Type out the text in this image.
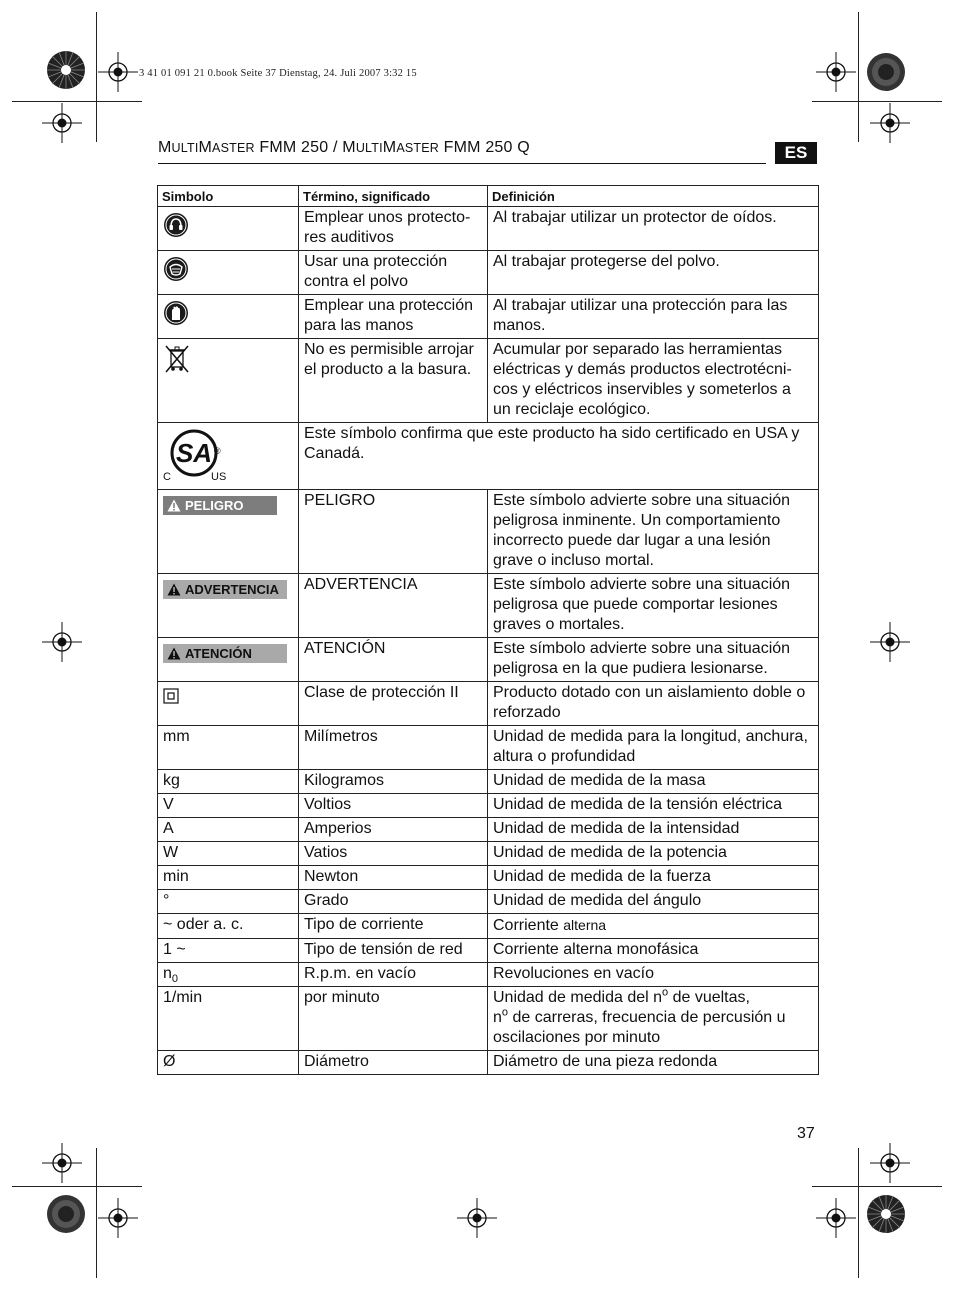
3 41 01 091 21 0.book Seite 37 Dienstag, 24. Juli 2007 3:32 15
MULTIMASTER FMM 250 / MULTIMASTER FMM 250 Q	ES
Simbolo	Término, significado	Definición
	Emplear unos protecto-res auditivos	Al trabajar utilizar un protector de oídos.
	Usar una protección contra el polvo	Al trabajar protegerse del polvo.
	Emplear una protección para las manos	Al trabajar utilizar una protección para las manos.
	No es permisible arrojar el producto a la basura.	Acumular por separado las herramientas eléctricas y demás productos electrotécni-cos y eléctricos inservibles y someterlos a un reciclaje ecológico.

SA
C US
®	Este símbolo confirma que este producto ha sido certificado en USA y Canadá.	

PELIGRO	PELIGRO	Este símbolo advierte sobre una situación peligrosa inminente. Un comportamiento incorrecto puede dar lugar a una lesión grave o incluso mortal.

ADVERTENCIA	ADVERTENCIA	Este símbolo advierte sobre una situación peligrosa que puede comportar lesiones graves o mortales.

ATENCIÓN	ATENCIÓN	Este símbolo advierte sobre una situación peligrosa en la que pudiera lesionarse.
	Clase de protección II	Producto dotado con un aislamiento doble o reforzado
mm	Milímetros	Unidad de medida para la longitud, anchura, altura o profundidad
kg	Kilogramos	Unidad de medida de la masa
V	Voltios	Unidad de medida de la tensión eléctrica
A	Amperios	Unidad de medida de la intensidad
W	Vatios	Unidad de medida de la potencia
min	Newton	Unidad de medida de la fuerza
°	Grado	Unidad de medida del ángulo
~ oder a. c.	Tipo de corriente	Corriente alterna
1 ~	Tipo de tensión de red	Corriente alterna monofásica
$n_0$	R.p.m. en vacío	Revoluciones en vacío
1/min	por minuto	Unidad de medida del $n^o$ de vueltas,
$n^o$ de carreras, frecuencia de percusión u oscilaciones por minuto
Ø	Diámetro	Diámetro de una pieza redonda
37
